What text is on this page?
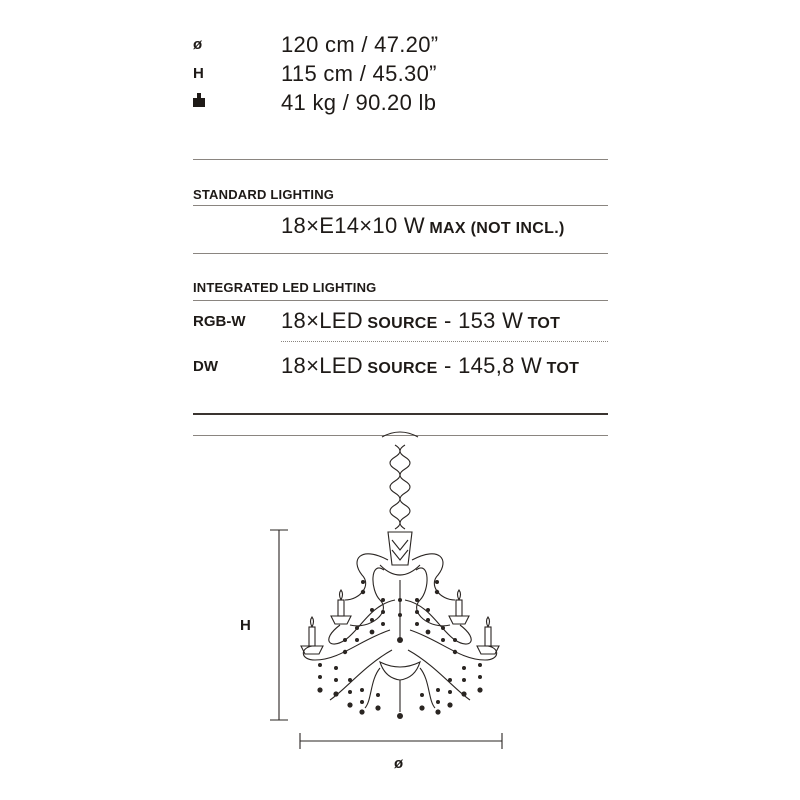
ø	120 cm / 47.20”
H	115 cm / 45.30”
41 kg / 90.20 lb
STANDARD LIGHTING
18×E14×10 W MAX (NOT INCL.)
INTEGRATED LED LIGHTING
RGB-W 18×LED SOURCE - 153 W TOT
DW	18×LED SOURCE - 145,8 W TOT
H
ø
